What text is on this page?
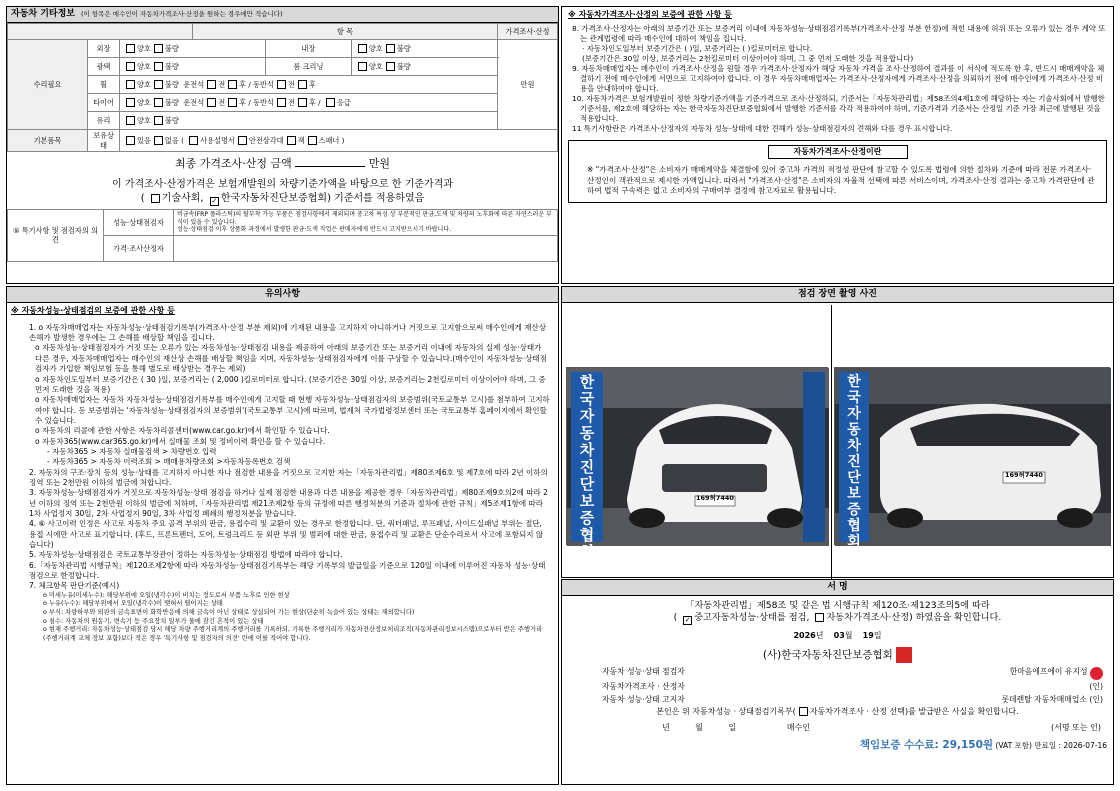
자동차 기타정보 (이 항목은 매수인이 자동차가격조사·산정을 원하는 경우에만 적습니다)
			항 목			가격조사·산정
수리필요	외장	양호 불량		내장	양호 불량	만원
	광택	양호 불량		룸 크리닝	양호 불량	
	휠	양호 불량 운전석 전 후 / 동반석 전 후				
	타이어	양호 불량 운전석 전 후 / 동반석 전 후 / 응급				
	유리	양호 불량				
기본품목	보유상태	있음 없음 ( 사용설명서 안전삼각대 잭 스패너 )				
최종 가격조사·산정 금액	만원
이 가격조사·산정가격은 보험개발원의 차량기준가액을 바탕으로 한 기준가격과
( 기술사회, ✓ 한국자동차진단보증협회) 기준서를 적용하였음
⑤ 특기사항 및 점검자의 의견	성능·상태점검자	비금속(FRP 플라스틱)의 탈부착 가능 부품은 점검사항에서 제외되며 중고차 특성 상 부분적인 판금,도색 및 차량의 노후화에 따른 자연스러운 부식이 있을 수 있습니다.
성능·상태점검 이후 상품화 과정에서 발생한 판금·도색 작업은 판매자에게 반드시 고지받으시기 바랍니다.

	가격·조사산정자	
※ 자동차가격조사·산정의 보증에 관한 사항 등
8. 가격조사·산정자는 아래의 보증기간 또는 보증거리 이내에 자동차성능·상태점검기록부(가격조사·산정 부분 한정)에 적힌 내용에 허위 또는 오류가 있는 경우 계약 또는 관계법령에 따라 매수인에 대하여 책임을 집니다.
· 자동차인도일부터 보증기간은 ( )일, 보증거리는 ( )킬로미터로 합니다.
(보증기간은 30일 이상, 보증거리는 2천킬로미터 이상이어야 하며, 그 중 먼저 도래한 것을 적용합니다)
9. 자동차매매업자는 매수인이 가격조사·산정을 원할 경우 가격조사·산정자가 해당 자동차 가격을 조사·산정하여 결과를 이 서식에 적도록 한 후, 반드시 매매계약을 체결하기 전에 매수인에게 서면으로 고지하여야 합니다. 이 경우 자동차매매업자는 가격조사·산정자에게 가격조사·산정을 의뢰하기 전에 매수인에게 가격조사·산정 비용을 안내하여야 합니다.
10. 자동차가격은 보험개발원이 정한 차량기준가액을 기준가격으로 조사·산정하되, 기준서는「자동차관리법」제58조의4제1호에 해당하는 자는 기술사회에서 발행한 기준서를, 제2호에 해당하는 자는 한국자동차진단보증협회에서 발행한 기준서를 각각 적용하여야 하며, 기준가격과 기준서는 산정일 기준 가장 최근에 발행된 것을 적용합니다.
11 특기사항란은 가격조사·산정자의 자동차 성능·상태에 대한 견해가 성능·상태점검자의 견해와 다를 경우 표시합니다.
자동차가격조사·산정이란
※ "가격조사·산정"은 소비자가 매매계약을 체결함에 있어 중고차 가격의 적정성 판단에 참고할 수 있도록 법령에 의한 절차와 기준에 따라 전문 가격조사·산정인이 객관적으로 제시한 가액입니다. 따라서 "가격조사·산정"은 소비자의 자율적 선택에 따른 서비스이며, 가격조사·산정 결과는 중고차 가격판단에 관하여 법적 구속력은 없고 소비자의 구매여부 결정에 참고자료로 활용됩니다.
유의사항
※ 자동차성능·상태점검의 보증에 관한 사항 등
1. o 자동차매매업자는 자동차성능·상태점검기록부(가격조사·산정 부분 제외)에 기재된 내용을 고지하지 아니하거나 거짓으로 고지함으로써 매수인에게 재산상 손해가 발생한 경우에는 그 손해를 배상할 책임을 집니다.
o 자동차성능·상태점검자가 거짓 또는 오류가 있는 자동차성능·상태점검 내용을 제공하여 아래의 보증기간 또는 보증거리 이내에 자동차의 실제 성능·상태가 다른 경우, 자동차매매업자는 매수인의 재산상 손해를 배상할 책임을 지며, 자동차성능·상태점검자에게 이를 구상할 수 있습니다.(매수인이 자동차성능·상태점검자가 가입한 책임보험 등을 통해 별도로 배상받는 경우는 제외)
o 자동차인도일부터 보증기간은 ( 30 )일, 보증거리는 ( 2,000 )킬로미터로 합니다. (보증기간은 30일 이상, 보증거리는 2천킬로미터 이상이어야 하며, 그 중 먼저 도래한 것을 적용)
o 자동차매매업자는 자동차 자동차성능·상태점검기록부를 매수인에게 고지할 때 현행 자동차성능·상태점검자의 보증범위(국토교통부 고시)를 첨부하여 고지하여야 합니다. 등 보증범위는 '자동차성능·상태점검자의 보증범위'(국토교통부 고시)에 따르며, 법제처 국가법령정보센터 또는 국토교통부 홈페이지에서 확인할 수 있습니다.
o 자동차의 리콜에 관한 사항은 자동차리콜센터(www.car.go.kr)에서 확인할 수 있습니다.
o 자동차365(www.car365.go.kr)에서 실매물 조회 및 정비이력 확인을 할 수 있습니다.
- 자동차365 > 자동차 실매물검색 > 차량번호 입력
- 자동차365 > 자동차 이력조회 > 매매용차량조회 >자동차등록번호 검색
2. 자동차의 구조·장치 등의 성능·상태를 고지하지 아니한 자나 점검한 내용을 거짓으로 고지한 자는「자동차관리법」제80조제6호 및 제7호에 따라 2년 이하의 징역 또는 2천만원 이하의 벌금에 처합니다.
3. 자동차성능·상태점검자가 거짓으로 자동차성능·상태 점검을 하거나 실제 점검한 내용과 다른 내용을 제공한 경우「자동차관리법」제80조제9호의2에 따라 2년 이하의 징역 또는 2천만원 이하의 벌금에 처하며,「자동차관리법 제21조제2항 등의 규정에 따른 행정처분의 기준과 절차에 관한 규칙」제5조제1항에 따라 1차 사업정지 30일, 2차 사업정지 90일, 3차 사업정 폐쇄의 행정처분을 받습니다.
4. ⑥ 사고이력 인정은 사고로 자동차 주요 골격 부위의 판금, 용접수리 및 교환이 있는 경우로 한정합니다. 단, 쿼터패널, 루프패널, 사이드실패널 부위는 절단, 용접 시에만 사고로 표기합니다. (후드, 프론트펜더, 도어, 트렁크리드 등 외판 부위 및 범퍼에 대한 판금, 용접수리 및 교환은 단순수리로서 사고에 포함되지 않습니다)
5. 자동차성능·상태점검은 국토교통부장관이 정하는 자동차성능·상태점검 방법에 따라야 합니다.
6.「자동차관리법 시행규칙」제120조제2항에 따라 자동차성능·상태점검기록부는 해당 기록부의 발급일을 기준으로 120일 이내에 이루어진 자동차 성능·상태점검으로 한정합니다.
7. 체크항목 판단기준(예시)
o 미세누유(미세누수): 해당부위에 오일(냉각수)이 비치는 정도로서 부품 노후로 인한 현상
o 누유(누수): 해당부위에서 오일(냉각수)이 맺혀서 떨어지는 상태
o 부식: 차량하부와 외판의 금속표면이 화학반응에 의해 금속이 아닌 상태로 상실되어 가는 현상(단순히 녹슬어 있는 상태는 제외합니다)
o 침수: 자동차의 원동기, 변속기 등 주요장치 일부가 물에 잠긴 흔적이 있는 상태
o 현재 주행거리: 자동차성능·상태점검 당시 해당 차량 주행거리계의 주행거리를 기록하되, 기록한 주행거리가 자동차전산정보처리조직(자동차관리정보시스템)으로부터 받은 주행거리(주행거리계 교체 정보 포함)보다 적은 경우 '특기사항 및 점검자의 의견' 란에 이를 적어야 합니다.
점검 장면 촬영 사진
한국자동차진단보증협회
169허7440
한국자동차진단보증협회
169허7440
서 명
「자동차관리법」제58조 및 같은 법 시행규칙 제120조·제123조의5에 따라
( ✓ 중고자동차성능·상태를 점검, 자동차가격조사·산정) 하였음을 확인합니다.
2026년 03월 19일
(사)한국자동차진단보증협회
자동차 성능·상태 점검자	한마음에프에이 유지성

자동차가격조사 · 산정자	(인)
자동차 성능·상태 고지자	롯데렌탈 자동차매매업소 (인)
본인은 위 자동차성능 · 상태점검기록부( 자동차가격조사 · 산정 선택)를 발급받은 사실을 확인합니다.
년          월          일                    매수인	(서명 또는 인)
책임보증 수수료: 29,150원 (VAT 포함) 만료일 : 2026-07-16
